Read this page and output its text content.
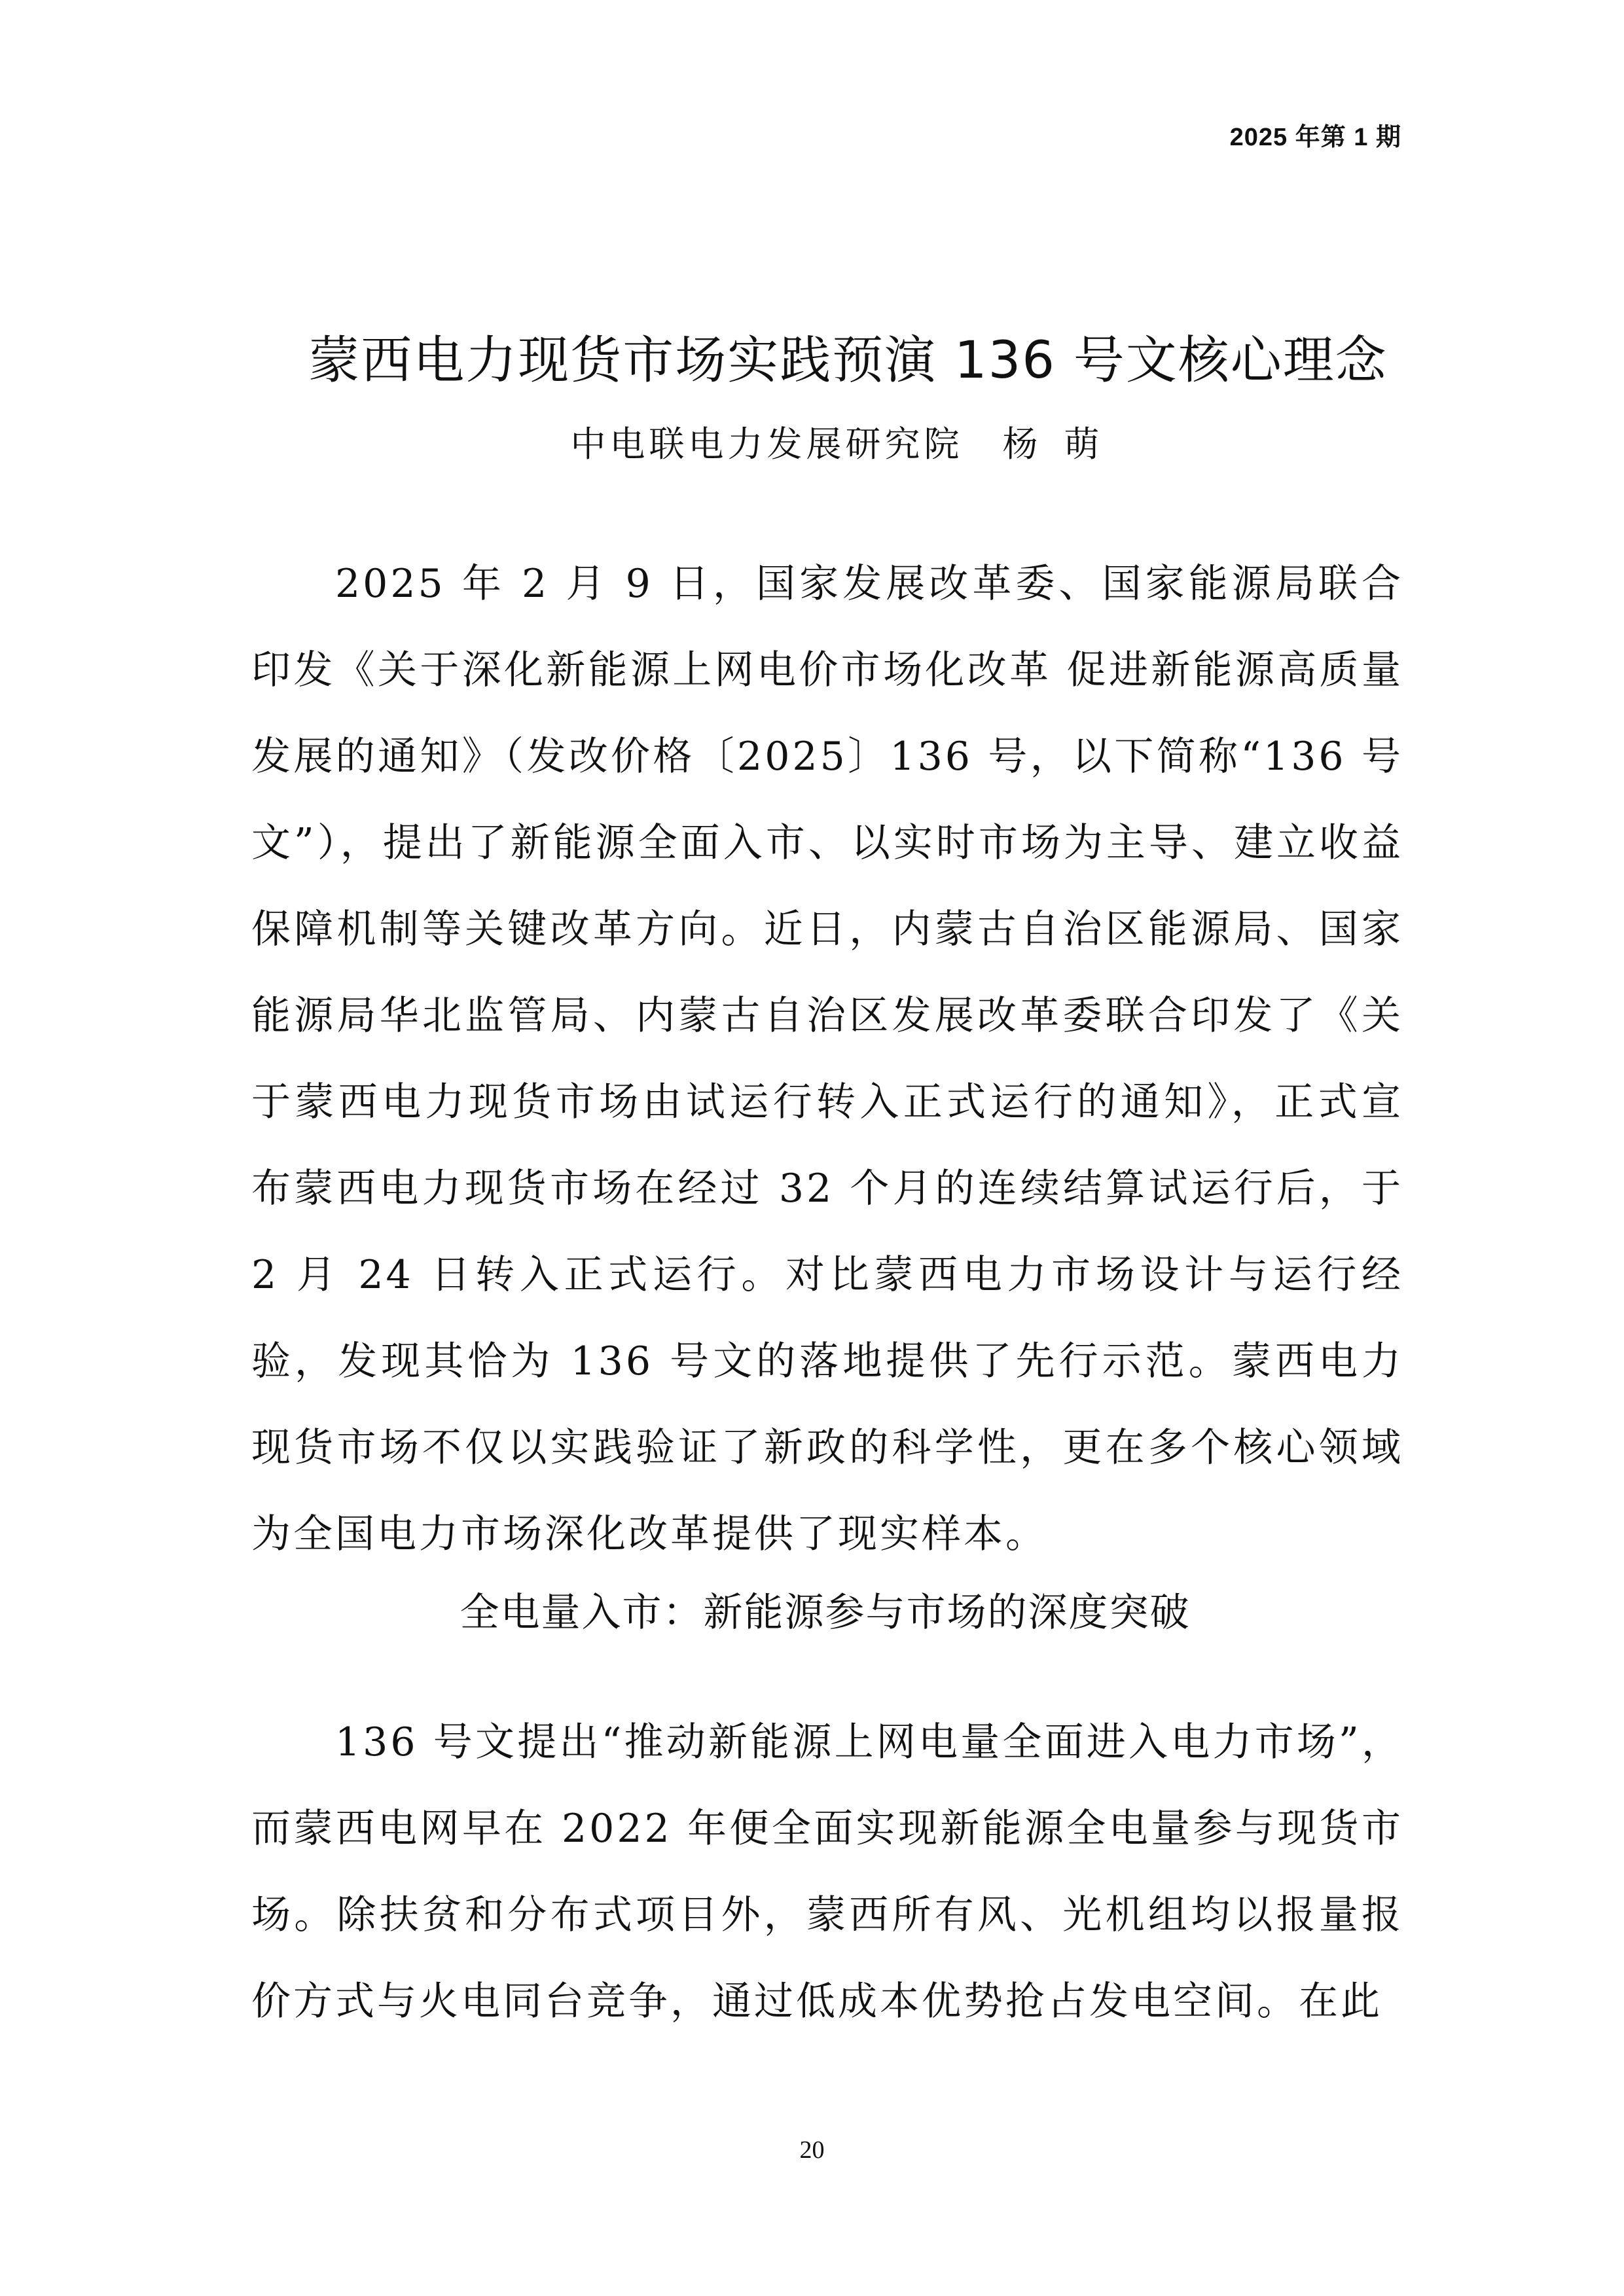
2025 年第 1 期
蒙西电力现货市场实践预演 136 号文核心理念
中电联电力发展研究院 杨萌

2025 年 2 月 9 日，国家发展改革委、国家能源局联合印发《关于深化新能源上网电价市场化改革 促进新能源高质量发展的通知》（发改价格〔2025〕136 号，以下简称“136 号文”），提出了新能源全面入市、以实时市场为主导、建立收益保障机制等关键改革方向。近日，内蒙古自治区能源局、国家能源局华北监管局、内蒙古自治区发展改革委联合印发了《关于蒙西电力现货市场由试运行转入正式运行的通知》，正式宣布蒙西电力现货市场在经过 32 个月的连续结算试运行后，于 2 月 24 日转入正式运行。对比蒙西电力市场设计与运行经验，发现其恰为 136 号文的落地提供了先行示范。蒙西电力现货市场不仅以实践验证了新政的科学性，更在多个核心领域为全国电力市场深化改革提供了现实样本。

全电量入市：新能源参与市场的深度突破

136 号文提出“推动新能源上网电量全面进入电力市场”，而蒙西电网早在 2022 年便全面实现新能源全电量参与现货市场。除扶贫和分布式项目外，蒙西所有风、光机组均以报量报价方式与火电同台竞争，通过低成本优势抢占发电空间。在此

20
